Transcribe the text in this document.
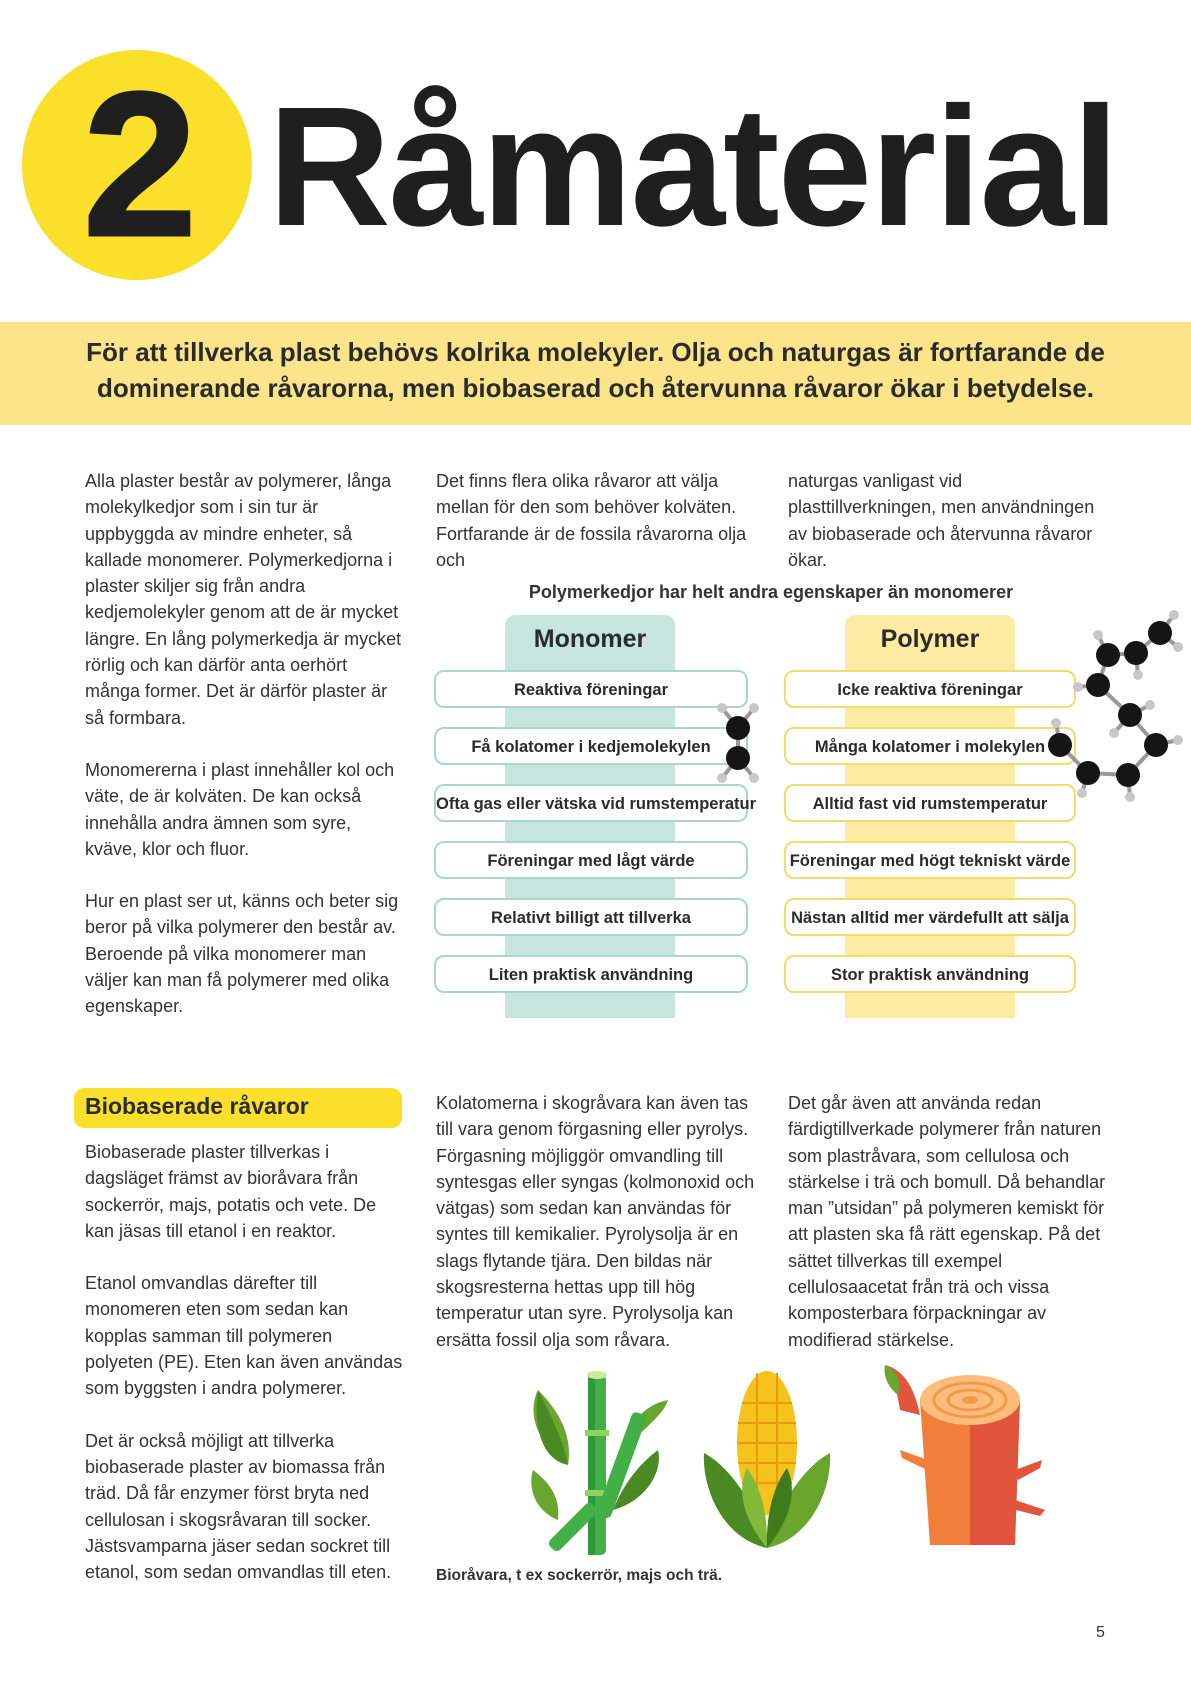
2 Råmaterial
För att tillverka plast behövs kolrika molekyler. Olja och naturgas är fortfarande de dominerande råvarorna, men biobaserad och återvunna råvaror ökar i betydelse.

Alla plaster består av polymerer, långa molekylkedjor som i sin tur är uppbyggda av mindre enheter, så kallade monomerer. Polymerkedjorna i plaster skiljer sig från andra kedjemolekyler genom att de är mycket längre. En lång polymerkedja är mycket rörlig och kan därför anta oerhört många former. Det är därför plaster är så formbara.

Monomererna i plast innehåller kol och väte, de är kolväten. De kan också innehålla andra ämnen som syre, kväve, klor och fluor.

Hur en plast ser ut, känns och beter sig beror på vilka polymerer den består av. Beroende på vilka monomerer man väljer kan man få polymerer med olika egenskaper.

Det finns flera olika råvaror att välja mellan för den som behöver kolväten. Fortfarande är de fossila råvarorna olja och

naturgas vanligast vid plasttillverkningen, men användningen av biobaserade och återvunna råvaror ökar.

Polymerkedjor har helt andra egenskaper än monomerer
Monomer	Polymer
Reaktiva föreningar
Få kolatomer i kedjemolekylen
Ofta gas eller vätska vid rumstemperatur
Föreningar med lågt värde
Relativt billigt att tillverka
Liten praktisk användning
Icke reaktiva föreningar
Många kolatomer i molekylen
Alltid fast vid rumstemperatur
Föreningar med högt tekniskt värde
Nästan alltid mer värdefullt att sälja
Stor praktisk användning
Biobaserade råvaror

Biobaserade plaster tillverkas i dagsläget främst av bioråvara från sockerrör, majs, potatis och vete. De kan jäsas till etanol i en reaktor.

Etanol omvandlas därefter till monomeren eten som sedan kan kopplas samman till polymeren polyeten (PE). Eten kan även användas som byggsten i andra polymerer.

Det är också möjligt att tillverka biobaserade plaster av biomassa från träd. Då får enzymer först bryta ned cellulosan i skogsråvaran till socker. Jästsvamparna jäser sedan sockret till etanol, som sedan omvandlas till eten.

Kolatomerna i skogråvara kan även tas till vara genom förgasning eller pyrolys. Förgasning möjliggör omvandling till syntesgas eller syngas (kolmonoxid och vätgas) som sedan kan användas för syntes till kemikalier. Pyrolysolja är en slags flytande tjära. Den bildas när skogsresterna hettas upp till hög temperatur utan syre. Pyrolysolja kan ersätta fossil olja som råvara.

Det går även att använda redan färdigtillverkade polymerer från naturen som plastråvara, som cellulosa och stärkelse i trä och bomull. Då behandlar man ”utsidan” på polymeren kemiskt för att plasten ska få rätt egenskap. På det sättet tillverkas till exempel cellulosaacetat från trä och vissa komposterbara förpackningar av modifierad stärkelse.

Bioråvara, t ex sockerrör, majs och trä.
5
